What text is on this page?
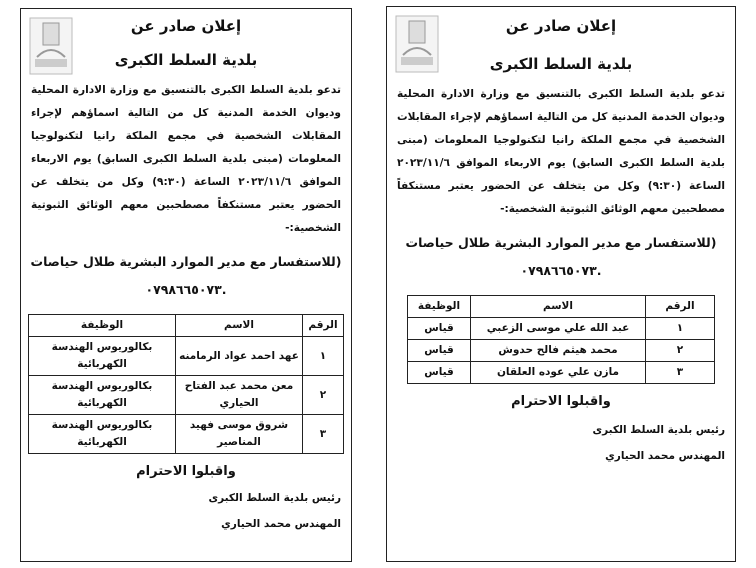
إعلان صادر عن
بلدية السلط الكبرى
تدعو بلدية السلط الكبرى بالتنسيق مع وزارة الادارة المحلية وديوان الخدمة المدنية كل من التالية اسماؤهم لإجراء المقابلات الشخصية في مجمع الملكة رانيا لتكنولوجيا المعلومات (مبنى بلدية السلط الكبرى السابق) يوم الاربعاء الموافق ٢٠٢٣/١١/٦ الساعة (٩:٣٠) وكل من يتخلف عن الحضور يعتبر مستنكفاً مصطحبين معهم الوثائق الثبوتية الشخصية:-
(للاستفسار مع مدير الموارد البشرية طلال حياصات
.٠٧٩٨٦٦٥٠٧٣
الرقم	الاسم	الوظيفة
١	عهد احمد عواد الرمامنه	بكالوريوس الهندسة الكهربائية
٢	معن محمد عبد الفتاح الحياري	بكالوريوس الهندسة الكهربائية
٣	شروق موسى فهيد المناصير	بكالوريوس الهندسة الكهربائية
واقبلوا الاحترام
رئيس بلدية السلط الكبرى
المهندس محمد الحياري
إعلان صادر عن
بلدية السلط الكبرى
تدعو بلدية السلط الكبرى بالتنسيق مع وزارة الادارة المحلية وديوان الخدمة المدنية كل من التالية اسماؤهم لإجراء المقابلات الشخصية في مجمع الملكة رانيا لتكنولوجيا المعلومات (مبنى بلدية السلط الكبرى السابق) يوم الاربعاء الموافق ٢٠٢٣/١١/٦ الساعة (٩:٣٠) وكل من يتخلف عن الحضور يعتبر مستنكفاً مصطحبين معهم الوثائق الثبوتية الشخصية:-
(للاستفسار مع مدير الموارد البشرية طلال حياصات
.٠٧٩٨٦٦٥٠٧٣
الرقم	الاسم	الوظيفة
١	عبد الله علي موسى الزعبي	قياس
٢	محمد هيثم فالح حدوش	قياس
٣	مازن علي عوده العلقان	قياس
واقبلوا الاحترام
رئيس بلدية السلط الكبرى
المهندس محمد الحياري
